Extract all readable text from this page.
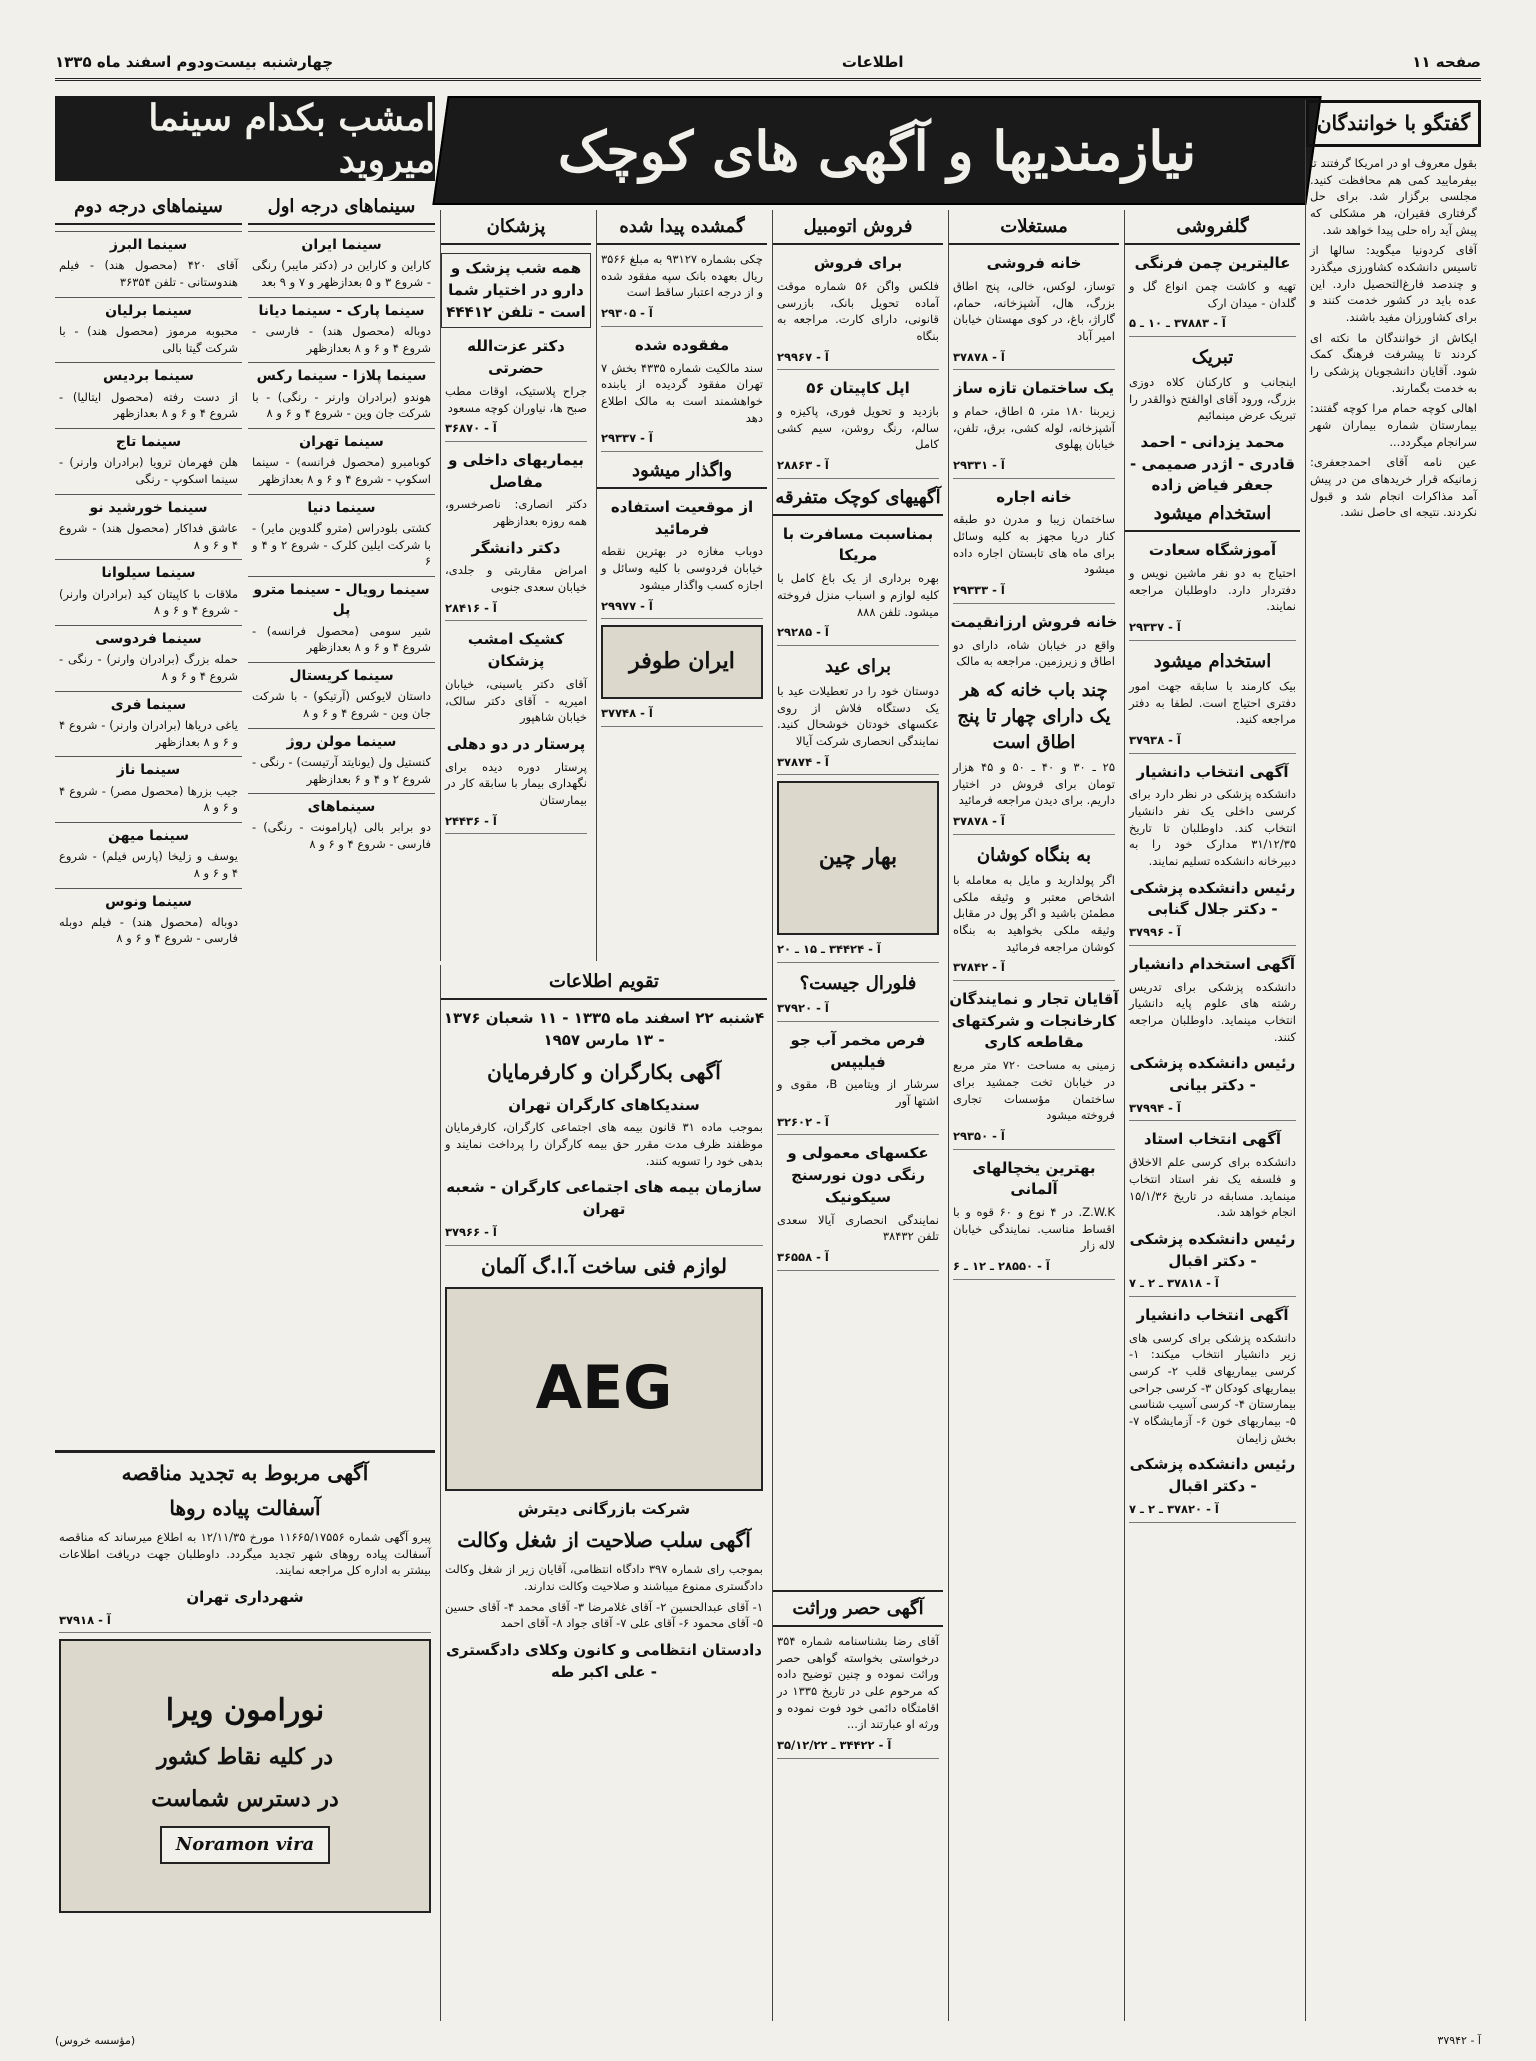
صفحه ۱۱
اطلاعات
چهارشنبه بیست‌ودوم اسفند ماه ۱۳۳۵
نیازمندیها و آگهی های کوچک
امشب بکدام سینما میروید
گفتگو با خوانندگان

بقول معروف او در امریکا گرفتند تا بیفرمایید کمی هم محافظت کنید. مجلسی برگزار شد. برای حل گرفتاری فقیران، هر مشکلی که پیش آید راه حلی پیدا خواهد شد.

آقای کردونیا میگوید: سالها از تاسیس دانشکده کشاورزی میگذرد و چندصد فارغ‌التحصیل دارد. این عده باید در کشور خدمت کنند و برای کشاورزان مفید باشند.

ایکاش از خوانندگان ما نکته ای کردند تا پیشرفت فرهنگ کمک شود. آقایان دانشجویان پزشکی را به خدمت بگمارند.

اهالی کوچه حمام مرا کوچه گفتند: بیمارستان شماره بیماران شهر سرانجام میگردد...

عین نامه آقای احمدجعفری: زمانیکه قرار خریدهای من در پیش آمد مذاکرات انجام شد و قبول نکردند. نتیجه ای حاصل نشد.

گلفروشی
عالیترین چمن فرنگی

تهیه و کاشت چمن انواع گل و گلدان - میدان ارک

آ - ۳۷۸۸۳ ـ ۱۰ ـ ۵
تبریک

اینجانب و کارکنان کلاه دوزی بزرگ، ورود آقای اوالفتح ذوالقدر را تبریک عرض مینمائیم

محمد یزدانی - احمد قادری - اژدر صمیمی - جعفر فیاض زاده
استخدام میشود
آموزشگاه سعادت

احتیاج به دو نفر ماشین نویس و دفتردار دارد. داوطلبان مراجعه نمایند.

آ - ۲۹۳۳۷
استخدام میشود

بیک کارمند با سابقه جهت امور دفتری احتیاج است. لطفا به دفتر مراجعه کنید.

آ - ۳۷۹۳۸
آگهی انتخاب دانشیار

دانشکده پزشکی در نظر دارد برای کرسی داخلی یک نفر دانشیار انتخاب کند. داوطلبان تا تاریخ ۳۱/۱۲/۳۵ مدارک خود را به دبیرخانه دانشکده تسلیم نمایند.

رئیس دانشکده پزشکی - دکتر جلال گنابی
آ - ۳۷۹۹۶
آگهی استخدام دانشیار

دانشکده پزشکی برای تدریس رشته های علوم پایه دانشیار انتخاب مینماید. داوطلبان مراجعه کنند.

رئیس دانشکده پزشکی - دکتر بیانی
آ - ۳۷۹۹۴
آگهی انتخاب استاد

دانشکده برای کرسی علم الاخلاق و فلسفه یک نفر استاد انتخاب مینماید. مسابقه در تاریخ ۱۵/۱/۳۶ انجام خواهد شد.

رئیس دانشکده پزشکی - دکتر اقبال
آ - ۳۷۸۱۸ ـ ۲ ـ ۷
آگهی انتخاب دانشیار

دانشکده پزشکی برای کرسی های زیر دانشیار انتخاب میکند: ۱- کرسی بیماریهای قلب ۲- کرسی بیماریهای کودکان ۳- کرسی جراحی بیمارستان ۴- کرسی آسیب شناسی ۵- بیماریهای خون ۶- آزمایشگاه ۷- بخش زایمان

رئیس دانشکده پزشکی - دکتر اقبال
آ - ۳۷۸۲۰ ـ ۲ ـ ۷
مستغلات
خانه فروشی

توساز، لوکس، خالی، پنج اطاق بزرگ، هال، آشپزخانه، حمام، گاراژ، باغ، در کوی مهستان خیابان امیر آباد

آ - ۳۷۸۷۸
یک ساختمان تازه ساز

زیربنا ۱۸۰ متر، ۵ اطاق، حمام و آشپزخانه، لوله کشی، برق، تلفن، خیابان پهلوی

آ - ۲۹۳۳۱
خانه اجاره

ساختمان زیبا و مدرن دو طبقه کنار دریا مجهز به کلیه وسائل برای ماه های تابستان اجاره داده میشود

آ - ۲۹۳۳۳
خانه فروش ارزانقیمت

واقع در خیابان شاه، دارای دو اطاق و زیرزمین. مراجعه به مالک

چند باب خانه که هر یک دارای چهار تا پنج اطاق است

۲۵ ـ ۳۰ و ۴۰ ـ ۵۰ و ۴۵ هزار تومان برای فروش در اختیار داریم. برای دیدن مراجعه فرمائید

آ - ۳۷۸۷۸
به بنگاه کوشان

اگر پولدارید و مایل به معامله با اشخاص معتبر و وثیقه ملکی مطمئن باشید و اگر پول در مقابل وثیقه ملکی بخواهید به بنگاه کوشان مراجعه فرمائید

آ - ۳۷۸۴۲
آقایان تجار و نمایندگان کارخانجات و شرکتهای مقاطعه کاری

زمینی به مساحت ۷۲۰ متر مربع در خیابان تخت جمشید برای ساختمان مؤسسات تجاری فروخته میشود

آ - ۲۹۳۵۰
بهترین یخچالهای آلمانی

Z.W.K. در ۴ نوع و ۶۰ قوه و با اقساط مناسب. نمایندگی خیابان لاله زار

آ - ۲۸۵۵۰ ـ ۱۲ ـ ۶
فروش اتومبیل
برای فروش

فلکس واگن ۵۶ شماره موقت آماده تحویل بانک، بازرسی قانونی، دارای کارت. مراجعه به بنگاه

آ - ۲۹۹۶۷
اپل کاپیتان ۵۶

بازدید و تحویل فوری، پاکیزه و سالم، رنگ روشن، سیم کشی کامل

آ - ۲۸۸۶۳
آگهیهای کوچک متفرقه
بمناسبت مسافرت با مریکا

بهره برداری از یک باغ کامل با کلیه لوازم و اسباب منزل فروخته میشود. تلفن ۸۸۸

آ - ۲۹۲۸۵
برای عید

دوستان خود را در تعطیلات عید با یک دستگاه فلاش از روی عکسهای خودتان خوشحال کنید. نمایندگی انحصاری شرکت آیالا

آ - ۳۷۸۷۴
بهار چین
آ - ۳۴۴۲۴ ـ ۱۵ ـ ۲۰
فلورال جیست؟
آ - ۳۷۹۲۰
فرص مخمر آب جو فیلیپس

سرشار از ویتامین B، مقوی و اشتها آور

آ - ۳۲۶۰۲
عکسهای معمولی و رنگی دون نورسنج سیکونیک

نمایندگی انحصاری آیالا سعدی تلفن ۳۸۴۳۲

آ - ۳۶۵۵۸
گمشده پیدا شده

چکی بشماره ۹۳۱۲۷ به مبلغ ۳۵۶۶ ریال بعهده بانک سپه مفقود شده و از درجه اعتبار ساقط است

آ - ۲۹۳۰۵
مفقوده شده

سند مالکیت شماره ۴۳۳۵ بخش ۷ تهران مفقود گردیده از یابنده خواهشمند است به مالک اطلاع دهد

آ - ۲۹۳۳۷
واگذار میشود
از موقعیت استفاده فرمائید

دوباب مغازه در بهترین نقطه خیابان فردوسی با کلیه وسائل و اجازه کسب واگذار میشود

آ - ۲۹۹۷۷
ایران طوفر
آ - ۳۷۷۴۸
پزشکان
همه شب پزشک و دارو در اختیار شما است - تلفن ۴۴۴۱۲
دکتر عزت‌الله حضرتی

جراح پلاستیک، اوقات مطب صبح ها، نیاوران کوچه مسعود

آ - ۳۶۸۷۰
بیماریهای داخلی و مفاصل

دکتر انصاری: ناصرخسرو، همه روزه بعدازظهر

دکتر دانشگر

امراض مقاربتی و جلدی، خیابان سعدی جنوبی

آ - ۲۸۴۱۶
کشیک امشب پزشکان

آقای دکتر یاسینی، خیابان امیریه - آقای دکتر سالک، خیابان شاهپور

پرستار در دو دهلی

پرستار دوره دیده برای نگهداری بیمار با سابقه کار در بیمارستان

آ - ۲۴۴۳۶
تقویم اطلاعات

۴شنبه ۲۲ اسفند ماه ۱۳۳۵ - ۱۱ شعبان ۱۳۷۶ - ۱۳ مارس ۱۹۵۷

آگهی بکارگران و کارفرمایان
سندیکاهای کارگران تهران

بموجب ماده ۳۱ قانون بیمه های اجتماعی کارگران، کارفرمایان موظفند ظرف مدت مقرر حق بیمه کارگران را پرداخت نمایند و بدهی خود را تسویه کنند.

سازمان بیمه های اجتماعی کارگران - شعبه تهران
آ - ۳۷۹۶۶
لوازم فنی ساخت آ.ا.گ آلمان
AEG
شرکت بازرگانی دیترش
آگهی سلب صلاحیت از شغل وکالت

بموجب رای شماره ۳۹۷ دادگاه انتظامی، آقایان زیر از شغل وکالت دادگستری ممنوع میباشند و صلاحیت وکالت ندارند.

۱- آقای عبدالحسین ۲- آقای غلامرضا ۳- آقای محمد ۴- آقای حسین ۵- آقای محمود ۶- آقای علی ۷- آقای جواد ۸- آقای احمد

دادستان انتظامی و کانون وکلای دادگستری - علی اکبر طه
آگهی حصر وراثت

آقای رضا بشناسنامه شماره ۳۵۴ درخواستی بخواسته گواهی حصر وراثت نموده و چنین توضیح داده که مرحوم علی در تاریخ ۱۳۳۵ در اقامتگاه دائمی خود فوت نموده و ورثه او عبارتند از...

آ - ۳۴۴۲۲ ـ ۳۵/۱۲/۲۲
سینماهای درجه اول
سینما ایران

کاراین و کاراین در (دکتر مایبر) رنگی - شروع ۳ و ۵ بعدازظهر و ۷ و ۹ بعد

سینما پارک - سینما دیانا

دوباله (محصول هند) - فارسی - شروع ۴ و ۶ و ۸ بعدازظهر

سینما پلازا - سینما رکس

هوندو (برادران وارنر - رنگی) - با شرکت جان وین - شروع ۴ و ۶ و ۸

سینما تهران

کوبامبرو (محصول فرانسه) - سینما اسکوپ - شروع ۴ و ۶ و ۸ بعدازظهر

سینما دنیا

کشتی بلودراس (مترو گلدوین مایر) - با شرکت ایلین کلرک - شروع ۲ و ۴ و ۶

سینما رویال - سینما مترو پل

شیر سومی (محصول فرانسه) - شروع ۴ و ۶ و ۸ بعدازظهر

سینما کریستال

داستان لایوکس (آرتیکو) - با شرکت جان وین - شروع ۴ و ۶ و ۸

سینما مولن روژ

کنستیل ول (یونایتد آرتیست) - رنگی - شروع ۲ و ۴ و ۶ بعدازظهر

سینماهای

دو برابر بالی (پارامونت - رنگی) - فارسی - شروع ۴ و ۶ و ۸

سینماهای درجه دوم
سینما البرز

آقای ۴۲۰ (محصول هند) - فیلم هندوستانی - تلفن ۳۶۳۵۴

سینما برلیان

محبوبه مرموز (محصول هند) - با شرکت گیتا بالی

سینما بردیس

از دست رفته (محصول ایتالیا) - شروع ۴ و ۶ و ۸ بعدازظهر

سینما تاج

هلن فهرمان ترویا (برادران وارنر) - سینما اسکوپ - رنگی

سینما خورشید نو

عاشق فداکار (محصول هند) - شروع ۴ و ۶ و ۸

سینما سیلوانا

ملاقات با کاپیتان کید (برادران وارنر) - شروع ۴ و ۶ و ۸

سینما فردوسی

حمله بزرگ (برادران وارنر) - رنگی - شروع ۴ و ۶ و ۸

سینما فری

یاغی دریاها (برادران وارنر) - شروع ۴ و ۶ و ۸ بعدازظهر

سینما ناز

جیب بزرها (محصول مصر) - شروع ۴ و ۶ و ۸

سینما میهن

یوسف و زلیخا (پارس فیلم) - شروع ۴ و ۶ و ۸

سینما ونوس

دوباله (محصول هند) - فیلم دوبله فارسی - شروع ۴ و ۶ و ۸

آگهی مربوط به تجدید مناقصه
آسفالت پیاده روها

پیرو آگهی شماره ۱۱۶۶۵/۱۷۵۵۶ مورخ ۱۲/۱۱/۳۵ به اطلاع میرساند که مناقصه آسفالت پیاده روهای شهر تجدید میگردد. داوطلبان جهت دریافت اطلاعات بیشتر به اداره کل مراجعه نمایند.

شهرداری تهران
آ - ۳۷۹۱۸
نورامون ویرا
در کلیه نقاط کشور
در دسترس شماست
Noramon vira
آ - ۳۷۹۴۲
(مؤسسه خروس)
